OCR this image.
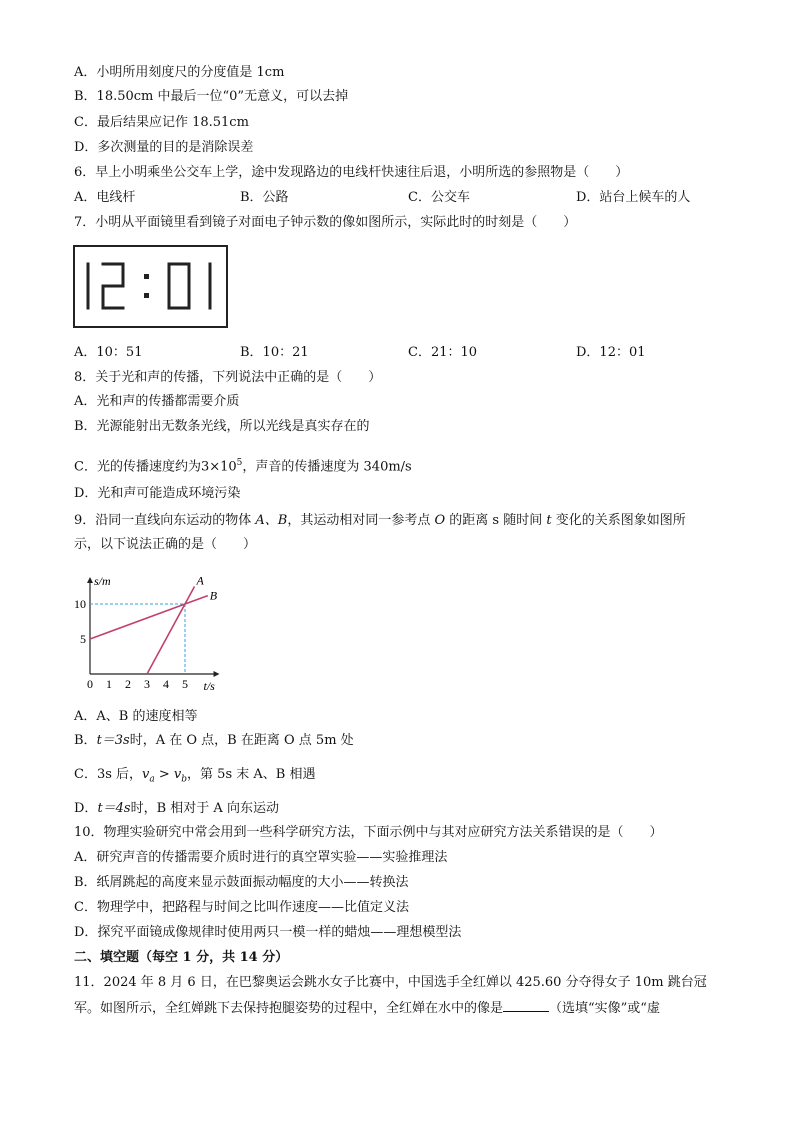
A．小明所用刻度尺的分度值是 1cm
B．18.50cm 中最后一位“0”无意义，可以去掉
C．最后结果应记作 18.51cm
D．多次测量的目的是消除误差
6．早上小明乘坐公交车上学，途中发现路边的电线杆快速往后退，小明所选的参照物是（　　）
A．电线杆	B．公路	C．公交车	D．站台上候车的人
7．小明从平面镜里看到镜子对面电子钟示数的像如图所示，实际此时的时刻是（　　）
A．10：51	B．10：21	C．21：10	D．12：01
8．关于光和声的传播，下列说法中正确的是（　　）
A．光和声的传播都需要介质
B．光源能射出无数条光线，所以光线是真实存在的
C．光的传播速度约为$3\times 10^5$，声音的传播速度为 340m/s
D．光和声可能造成环境污染
9．沿同一直线向东运动的物体 A、B，其运动相对同一参考点 O 的距离 s 随时间 t 变化的关系图象如图所
示，以下说法正确的是（　　）
0 1 2 3 4 5
5
10
t/s
s/m	A
B
A．A、B 的速度相等
B．t＝3s时，A 在 O 点，B 在距离 O 点 5m 处
C．3s 后，$v_a > v_b$，第 5s 末 A、B 相遇
D．t＝4s时，B 相对于 A 向东运动
10．物理实验研究中常会用到一些科学研究方法，下面示例中与其对应研究方法关系错误的是（　　）
A．研究声音的传播需要介质时进行的真空罩实验——实验推理法
B．纸屑跳起的高度来显示鼓面振动幅度的大小——转换法
C．物理学中，把路程与时间之比叫作速度——比值定义法
D．探究平面镜成像规律时使用两只一模一样的蜡烛——理想模型法
二、填空题（每空 1 分，共 14 分）
11．2024 年 8 月 6 日，在巴黎奥运会跳水女子比赛中，中国选手全红婵以 425.60 分夺得女子 10m 跳台冠
军。如图所示，全红婵跳下去保持抱腿姿势的过程中，全红婵在水中的像是	（选填“实像”或“虚
